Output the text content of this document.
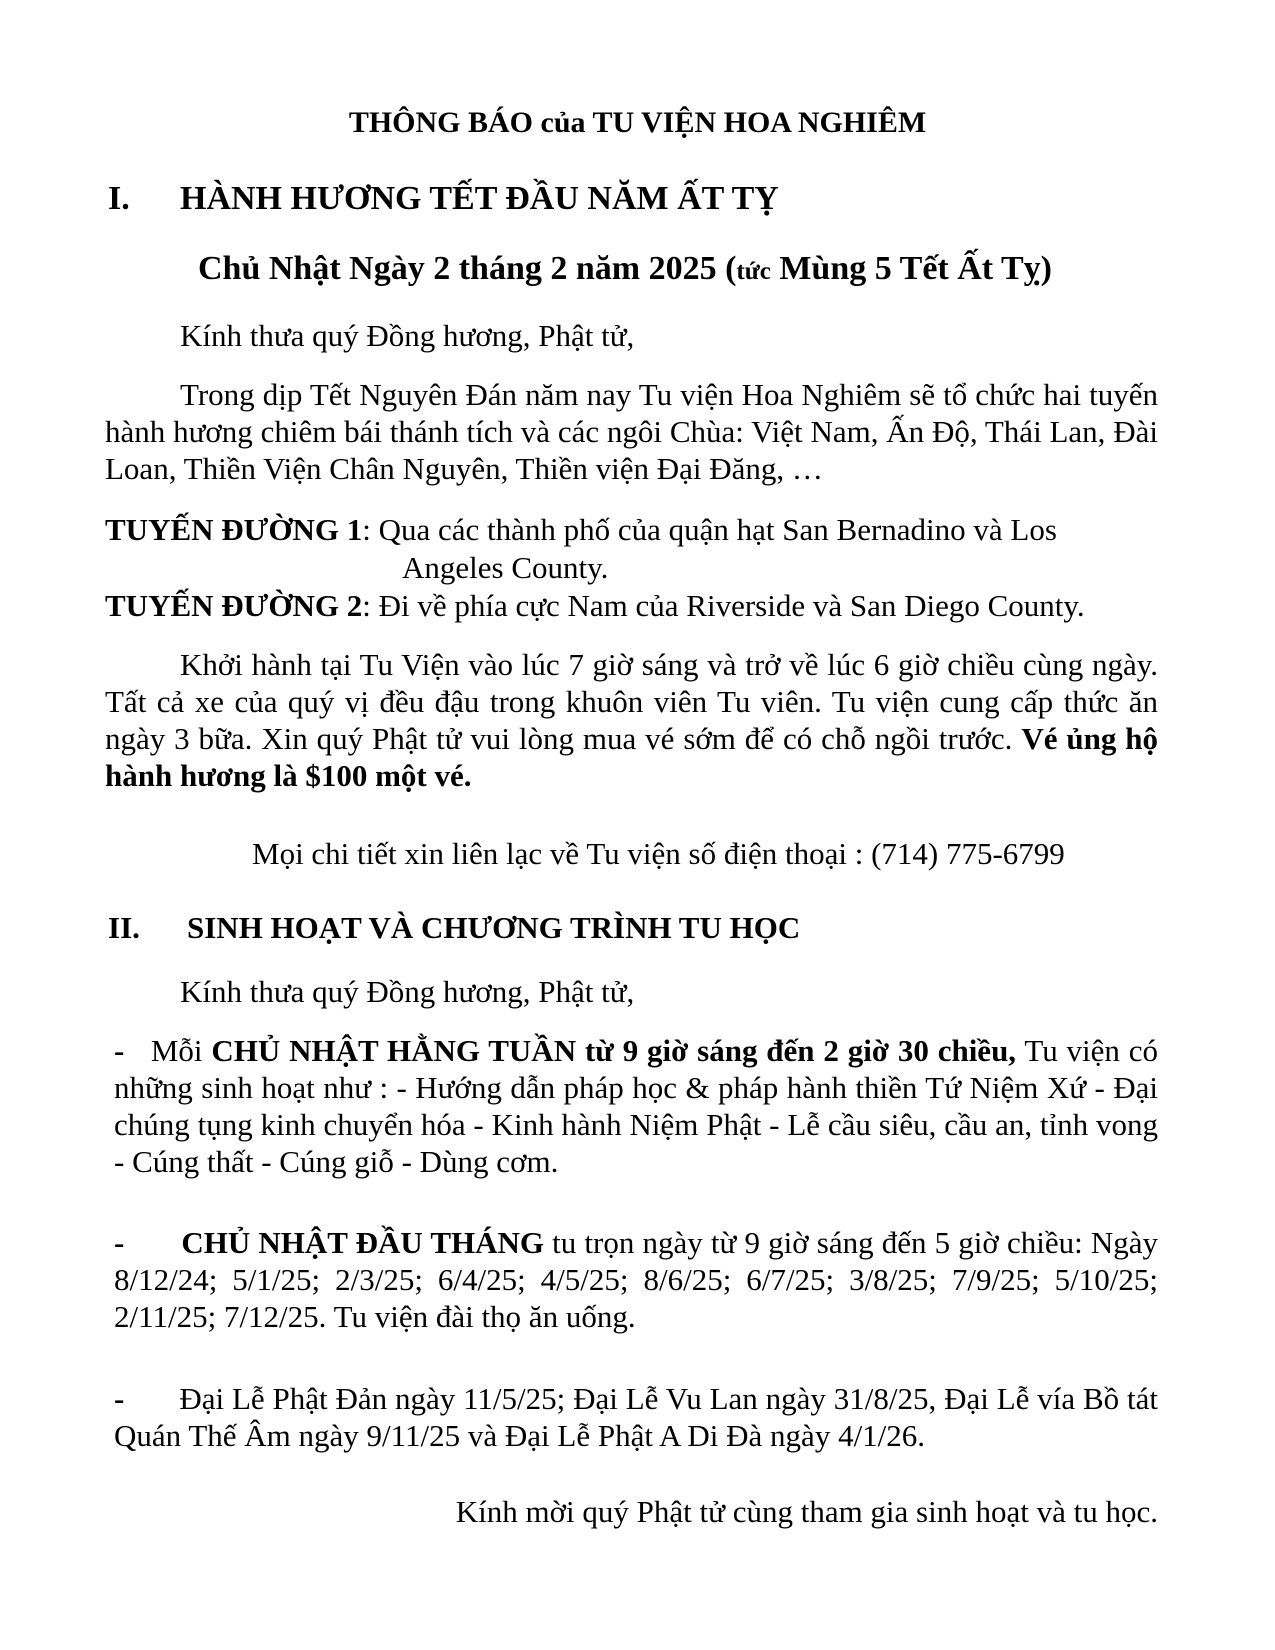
THÔNG BÁO của TU VIỆN HOA NGHIÊM

I. HÀNH HƯƠNG TẾT ĐẦU NĂM ẤT TỴ

Chủ Nhật Ngày 2 tháng 2 năm 2025 (tức Mùng 5 Tết Ất Tỵ)

Kính thưa quý Đồng hương, Phật tử,

Trong dịp Tết Nguyên Đán năm nay Tu viện Hoa Nghiêm sẽ tổ chức hai tuyến hành hương chiêm bái thánh tích và các ngôi Chùa: Việt Nam, Ấn Độ, Thái Lan, Đài Loan, Thiền Viện Chân Nguyên, Thiền viện Đại Đăng, …

TUYẾN ĐƯỜNG 1: Qua các thành phố của quận hạt San Bernadino và Los

Angeles County.

TUYẾN ĐƯỜNG 2: Đi về phía cực Nam của Riverside và San Diego County.

Khởi hành tại Tu Viện vào lúc 7 giờ sáng và trở về lúc 6 giờ chiều cùng ngày. Tất cả xe của quý vị đều đậu trong khuôn viên Tu viên. Tu viện cung cấp thức ăn ngày 3 bữa. Xin quý Phật tử vui lòng mua vé sớm để có chỗ ngồi trước. Vé ủng hộ hành hương là $100 một vé.

Mọi chi tiết xin liên lạc về Tu viện số điện thoại : (714) 775-6799

II. SINH HOẠT VÀ CHƯƠNG TRÌNH TU HỌC

Kính thưa quý Đồng hương, Phật tử,

- Mỗi CHỦ NHẬT HẰNG TUẦN từ 9 giờ sáng đến 2 giờ 30 chiều, Tu viện có những sinh hoạt như : - Hướng dẫn pháp học & pháp hành thiền Tứ Niệm Xứ - Đại chúng tụng kinh chuyển hóa - Kinh hành Niệm Phật - Lễ cầu siêu, cầu an, tỉnh vong - Cúng thất - Cúng giỗ - Dùng cơm.

- CHỦ NHẬT ĐẦU THÁNG tu trọn ngày từ 9 giờ sáng đến 5 giờ chiều: Ngày 8/12/24; 5/1/25; 2/3/25; 6/4/25; 4/5/25; 8/6/25; 6/7/25; 3/8/25; 7/9/25; 5/10/25; 2/11/25; 7/12/25. Tu viện đài thọ ăn uống.

- Đại Lễ Phật Đản ngày 11/5/25; Đại Lễ Vu Lan ngày 31/8/25, Đại Lễ vía Bồ tát Quán Thế Âm ngày 9/11/25 và Đại Lễ Phật A Di Đà ngày 4/1/26.

Kính mời quý Phật tử cùng tham gia sinh hoạt và tu học.
